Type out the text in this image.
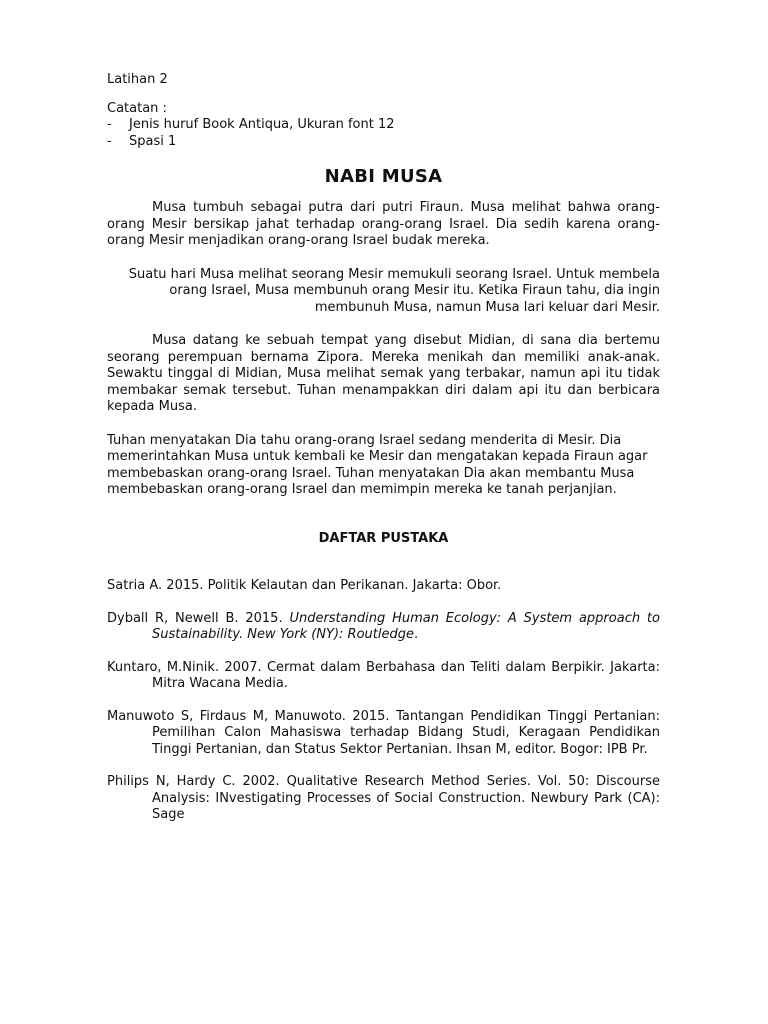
Latihan 2

Catatan :

-	Jenis huruf Book Antiqua, Ukuran font 12
-	Spasi 1
NABI MUSA

Musa tumbuh sebagai putra dari putri Firaun. Musa melihat bahwa orang-orang Mesir bersikap jahat terhadap orang-orang Israel. Dia sedih karena orang-orang Mesir menjadikan orang-orang Israel budak mereka.

Suatu hari Musa melihat seorang Mesir memukuli seorang Israel. Untuk membela orang Israel, Musa membunuh orang Mesir itu. Ketika Firaun tahu, dia ingin membunuh Musa, namun Musa lari keluar dari Mesir.

Musa datang ke sebuah tempat yang disebut Midian, di sana dia bertemu seorang perempuan bernama Zipora. Mereka menikah dan memiliki anak-anak. Sewaktu tinggal di Midian, Musa melihat semak yang terbakar, namun api itu tidak membakar semak tersebut. Tuhan menampakkan diri dalam api itu dan berbicara kepada Musa.

Tuhan menyatakan Dia tahu orang-orang Israel sedang menderita di Mesir. Dia memerintahkan Musa untuk kembali ke Mesir dan mengatakan kepada Firaun agar membebaskan orang-orang Israel. Tuhan menyatakan Dia akan membantu Musa membebaskan orang-orang Israel dan memimpin mereka ke tanah perjanjian.

DAFTAR PUSTAKA

Satria A. 2015. Politik Kelautan dan Perikanan. Jakarta: Obor.

Dyball R, Newell B. 2015. Understanding Human Ecology: A System approach to Sustainability. New York (NY): Routledge.

Kuntaro, M.Ninik. 2007. Cermat dalam Berbahasa dan Teliti dalam Berpikir. Jakarta: Mitra Wacana Media.

Manuwoto S, Firdaus M, Manuwoto. 2015. Tantangan Pendidikan Tinggi Pertanian: Pemilihan Calon Mahasiswa terhadap Bidang Studi, Keragaan Pendidikan Tinggi Pertanian, dan Status Sektor Pertanian. Ihsan M, editor. Bogor: IPB Pr.

Philips N, Hardy C. 2002. Qualitative Research Method Series. Vol. 50: Discourse Analysis: INvestigating Processes of Social Construction. Newbury Park (CA): Sage
